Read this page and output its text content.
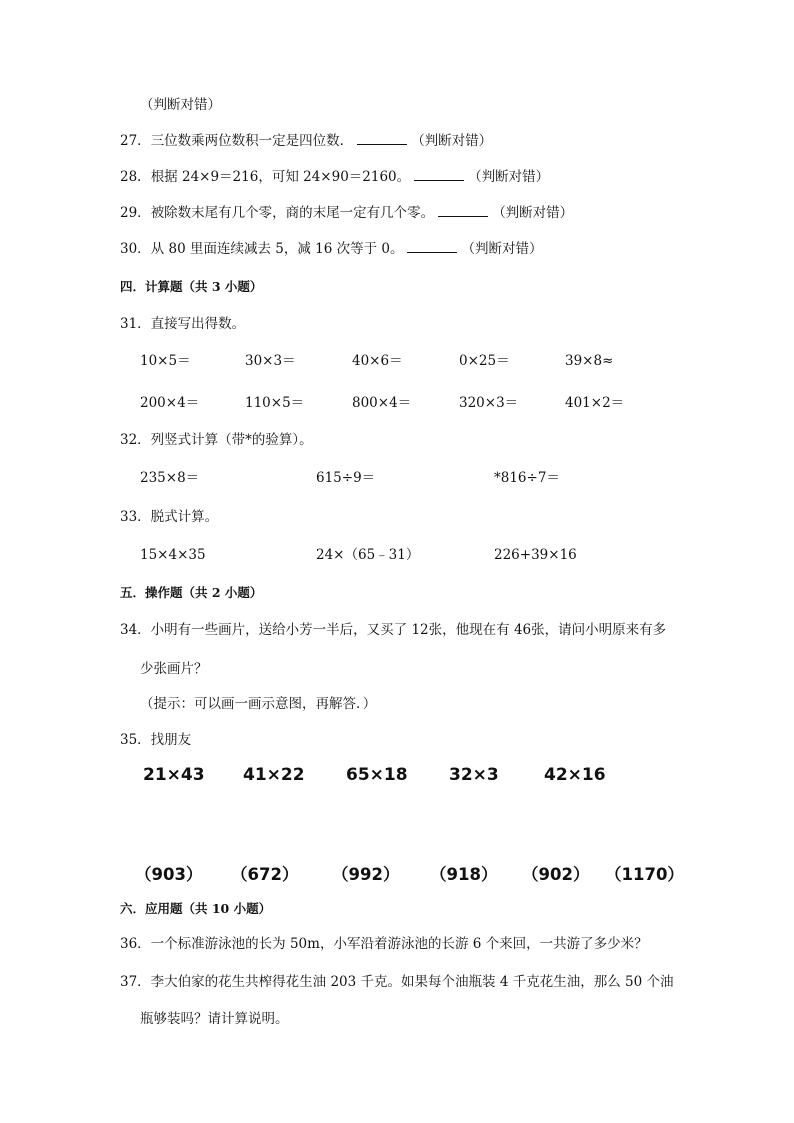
（判断对错）
27．三位数乘两位数积一定是四位数．	（判断对错）
28．根据 24×9＝216，可知 24×90＝2160。	（判断对错）
29．被除数末尾有几个零，商的末尾一定有几个零。	（判断对错）
30．从 80 里面连续减去 5，减 16 次等于 0。	（判断对错）
四．计算题（共 3 小题）
31．直接写出得数。
10×5＝	30×3＝	40×6＝	0×25＝	39×8≈
200×4＝	110×5＝	800×4＝	320×3＝	401×2＝
32．列竖式计算（带*的验算）。
235×8＝	615÷9＝	*816÷7＝
33．脱式计算。
15×4×35	24×（65﹣31）	226+39×16
五．操作题（共 2 小题）
34．小明有一些画片，送给小芳一半后，又买了 12张，他现在有 46张，请问小明原来有多
少张画片？
（提示：可以画一画示意图，再解答．）
35．找朋友
21×43 41×22 65×18 32×3	42×16
（903） （672） （992） （918） （902） （1170）
六．应用题（共 10 小题）
36．一个标准游泳池的长为 50m，小军沿着游泳池的长游 6 个来回，一共游了多少米？
37．李大伯家的花生共榨得花生油 203 千克。如果每个油瓶装 4 千克花生油，那么 50 个油
瓶够装吗？请计算说明。
